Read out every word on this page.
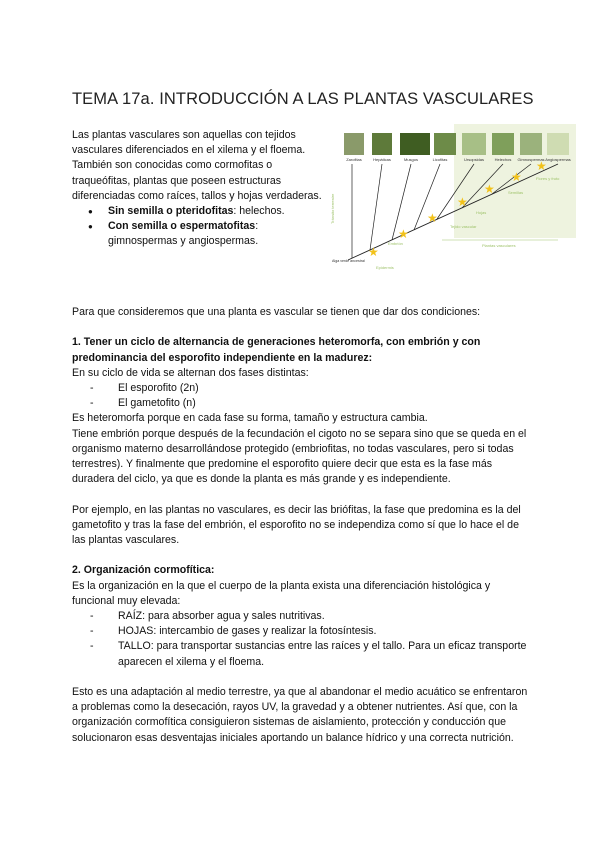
TEMA 17a. INTRODUCCIÓN A LAS PLANTAS VASCULARES

Las plantas vasculares son aquellas con tejidos vasculares diferenciados en el xilema y el floema. También son conocidas como cormofitas o traqueófitas, plantas que poseen estructuras diferenciadas como raíces, tallos y hojas verdaderas.

● Sin semilla o pteridofitas: helechos.
● Con semilla o espermatofitas: gimnospermas y angiospermas.
Zarofitas	Hepáticas	Musgos	Licofitas	Ursopsidas	Helechos Gimnospermas Angiospermas
★
★
★
★
★
★
★
Alga verde ancestral
Epidermis
Embrión
Tejido vascular
Hojas
Semillas
Flores y fruto
Plantas vasculares
Tránsito terrestre

Para que consideremos que una planta es vascular se tienen que dar dos condiciones:

1. Tener un ciclo de alternancia de generaciones heteromorfa, con embrión y con predominancia del esporofito independiente en la madurez:

En su ciclo de vida se alternan dos fases distintas:

- El esporofito (2n)
- El gametofito (n)

Es heteromorfa porque en cada fase su forma, tamaño y estructura cambia.

Tiene embrión porque después de la fecundación el cigoto no se separa sino que se queda en el organismo materno desarrollándose protegido (embriofitas, no todas vasculares, pero si todas terrestres). Y finalmente que predomine el esporofito quiere decir que esta es la fase más duradera del ciclo, ya que es donde la planta es más grande y es independiente.

Por ejemplo, en las plantas no vasculares, es decir las briófitas, la fase que predomina es la del gametofito y tras la fase del embrión, el esporofito no se independiza como sí que lo hace el de las plantas vasculares.

2. Organización cormofítica:

Es la organización en la que el cuerpo de la planta exista una diferenciación histológica y funcional muy elevada:

- RAÍZ: para absorber agua y sales nutritivas.
- HOJAS: intercambio de gases y realizar la fotosíntesis.
- TALLO: para transportar sustancias entre las raíces y el tallo. Para un eficaz transporte aparecen el xilema y el floema.

Esto es una adaptación al medio terrestre, ya que al abandonar el medio acuático se enfrentaron a problemas como la desecación, rayos UV, la gravedad y a obtener nutrientes. Así que, con la organización cormofítica consiguieron sistemas de aislamiento, protección y conducción que solucionaron esas desventajas iniciales aportando un balance hídrico y una correcta nutrición.
